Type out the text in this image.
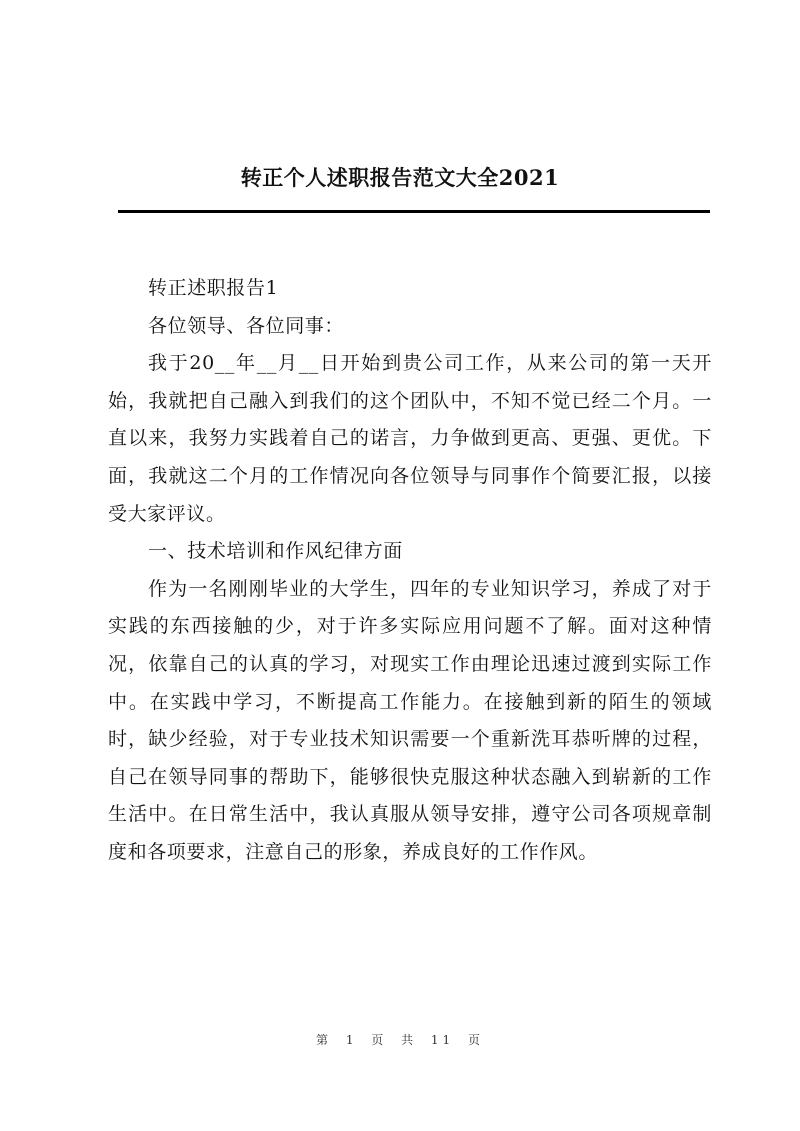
转正个人述职报告范文大全2021

转正述职报告1

各位领导、各位同事：

我于20__年__月__日开始到贵公司工作，从来公司的第一天开始，我就把自己融入到我们的这个团队中，不知不觉已经二个月。一直以来，我努力实践着自己的诺言，力争做到更高、更强、更优。下面，我就这二个月的工作情况向各位领导与同事作个简要汇报，以接受大家评议。

一、技术培训和作风纪律方面

作为一名刚刚毕业的大学生，四年的专业知识学习，养成了对于实践的东西接触的少，对于许多实际应用问题不了解。面对这种情况，依靠自己的认真的学习，对现实工作由理论迅速过渡到实际工作中。在实践中学习，不断提高工作能力。在接触到新的陌生的领域时，缺少经验，对于专业技术知识需要一个重新洗耳恭听牌的过程，自己在领导同事的帮助下，能够很快克服这种状态融入到崭新的工作生活中。在日常生活中，我认真服从领导安排，遵守公司各项规章制度和各项要求，注意自己的形象，养成良好的工作作风。

第 1 页 共 11 页
